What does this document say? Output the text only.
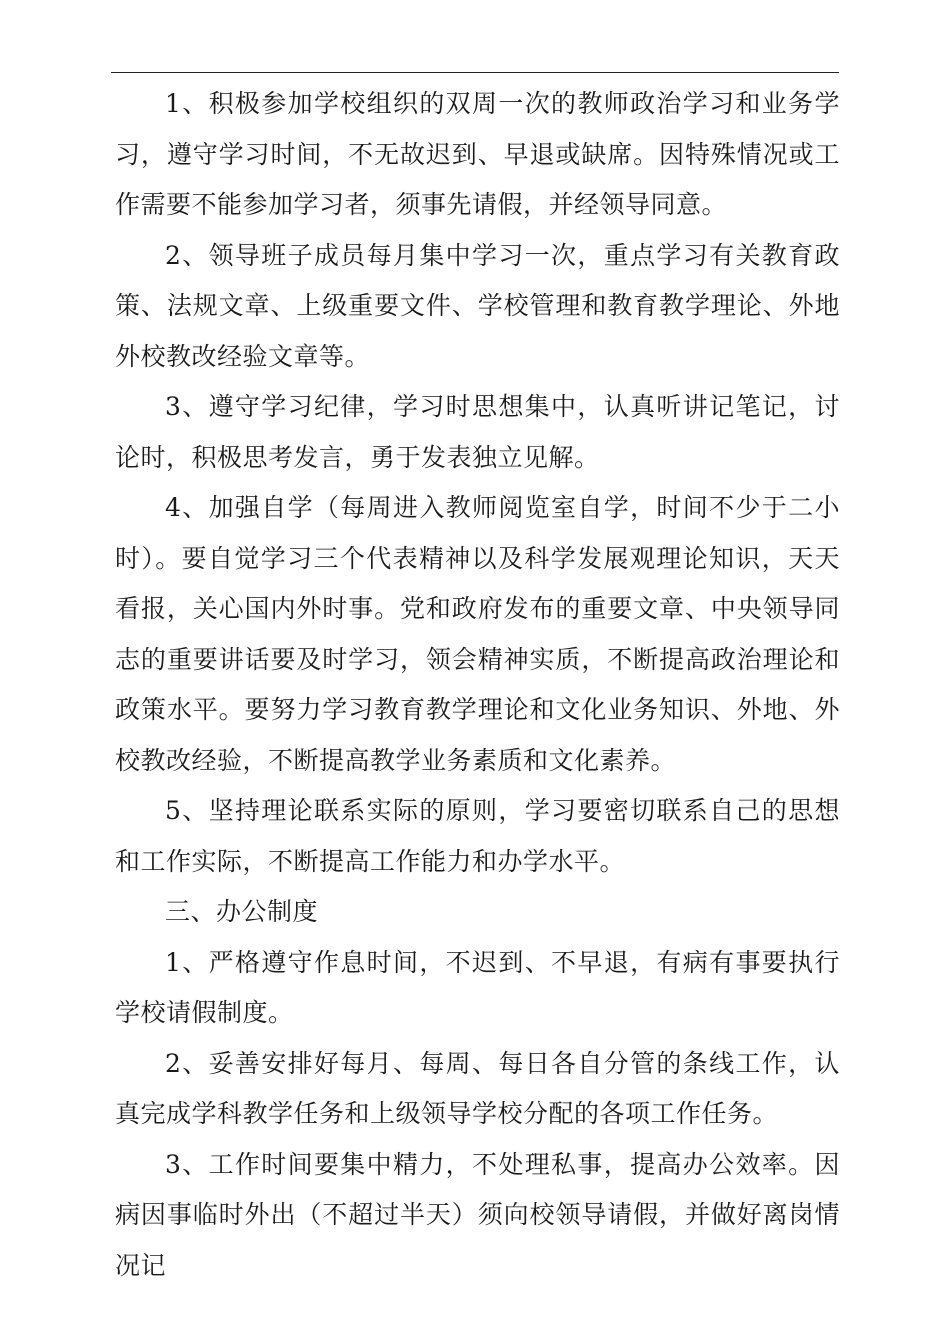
1、积极参加学校组织的双周一次的教师政治学习和业务学习，遵守学习时间，不无故迟到、早退或缺席。因特殊情况或工作需要不能参加学习者，须事先请假，并经领导同意。

2、领导班子成员每月集中学习一次，重点学习有关教育政策、法规文章、上级重要文件、学校管理和教育教学理论、外地外校教改经验文章等。

3、遵守学习纪律，学习时思想集中，认真听讲记笔记，讨论时，积极思考发言，勇于发表独立见解。

4、加强自学（每周进入教师阅览室自学，时间不少于二小时）。要自觉学习三个代表精神以及科学发展观理论知识，天天看报，关心国内外时事。党和政府发布的重要文章、中央领导同志的重要讲话要及时学习，领会精神实质，不断提高政治理论和政策水平。要努力学习教育教学理论和文化业务知识、外地、外校教改经验，不断提高教学业务素质和文化素养。

5、坚持理论联系实际的原则，学习要密切联系自己的思想和工作实际，不断提高工作能力和办学水平。

三、办公制度

1、严格遵守作息时间，不迟到、不早退，有病有事要执行学校请假制度。

2、妥善安排好每月、每周、每日各自分管的条线工作，认真完成学科教学任务和上级领导学校分配的各项工作任务。

3、工作时间要集中精力，不处理私事，提高办公效率。因病因事临时外出（不超过半天）须向校领导请假，并做好离岗情况记
